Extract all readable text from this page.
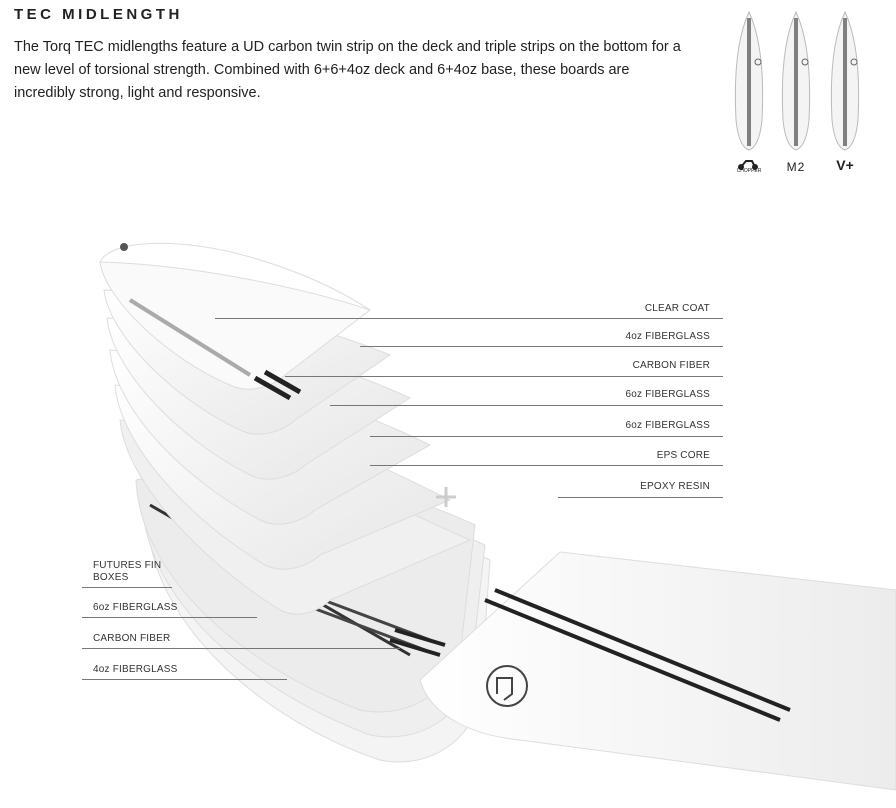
TEC MIDLENGTH
The Torq TEC midlengths feature a UD carbon twin strip on the deck and triple strips on the bottom for a new level of torsional strength. Combined with 6+6+4oz deck and 6+4oz base, these boards are incredibly strong, light and responsive.
CHOPPER	M2	V+
CLEAR COAT
4oz FIBERGLASS
CARBON FIBER
6oz FIBERGLASS
6oz FIBERGLASS
EPS CORE
EPOXY RESIN
FUTURES FIN BOXES
6oz FIBERGLASS
CARBON FIBER
4oz FIBERGLASS
